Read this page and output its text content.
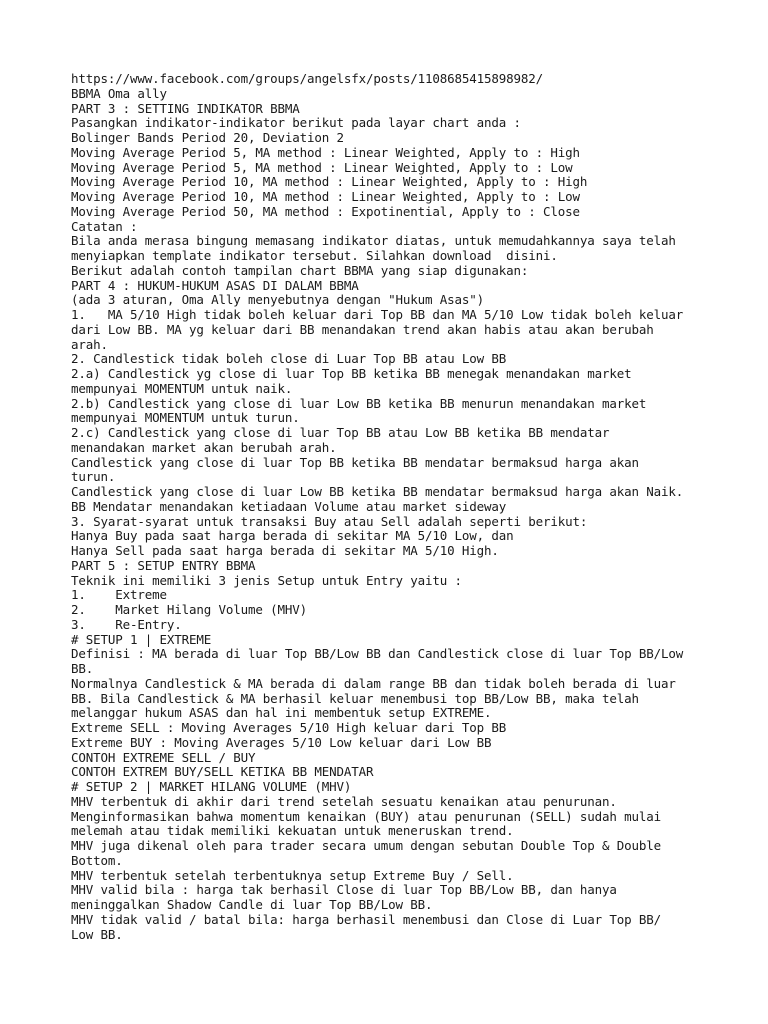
https://www.facebook.com/groups/angelsfx/posts/1108685415898982/
BBMA Oma ally
PART 3 : SETTING INDIKATOR BBMA
Pasangkan indikator-indikator berikut pada layar chart anda :
Bolinger Bands Period 20, Deviation 2
Moving Average Period 5, MA method : Linear Weighted, Apply to : High
Moving Average Period 5, MA method : Linear Weighted, Apply to : Low
Moving Average Period 10, MA method : Linear Weighted, Apply to : High
Moving Average Period 10, MA method : Linear Weighted, Apply to : Low
Moving Average Period 50, MA method : Expotinential, Apply to : Close
Catatan :
Bila anda merasa bingung memasang indikator diatas, untuk memudahkannya saya telah
menyiapkan template indikator tersebut. Silahkan download  disini.
Berikut adalah contoh tampilan chart BBMA yang siap digunakan:
PART 4 : HUKUM-HUKUM ASAS DI DALAM BBMA
(ada 3 aturan, Oma Ally menyebutnya dengan "Hukum Asas")
1.   MA 5/10 High tidak boleh keluar dari Top BB dan MA 5/10 Low tidak boleh keluar
dari Low BB. MA yg keluar dari BB menandakan trend akan habis atau akan berubah
arah.
2. Candlestick tidak boleh close di Luar Top BB atau Low BB
2.a) Candlestick yg close di luar Top BB ketika BB menegak menandakan market
mempunyai MOMENTUM untuk naik.
2.b) Candlestick yang close di luar Low BB ketika BB menurun menandakan market
mempunyai MOMENTUM untuk turun.
2.c) Candlestick yang close di luar Top BB atau Low BB ketika BB mendatar
menandakan market akan berubah arah.
Candlestick yang close di luar Top BB ketika BB mendatar bermaksud harga akan
turun.
Candlestick yang close di luar Low BB ketika BB mendatar bermaksud harga akan Naik.
BB Mendatar menandakan ketiadaan Volume atau market sideway
3. Syarat-syarat untuk transaksi Buy atau Sell adalah seperti berikut:
Hanya Buy pada saat harga berada di sekitar MA 5/10 Low, dan
Hanya Sell pada saat harga berada di sekitar MA 5/10 High.
PART 5 : SETUP ENTRY BBMA
Teknik ini memiliki 3 jenis Setup untuk Entry yaitu :
1.    Extreme
2.    Market Hilang Volume (MHV)
3.    Re-Entry.
# SETUP 1 | EXTREME
Definisi : MA berada di luar Top BB/Low BB dan Candlestick close di luar Top BB/Low
BB.
Normalnya Candlestick & MA berada di dalam range BB dan tidak boleh berada di luar
BB. Bila Candlestick & MA berhasil keluar menembusi top BB/Low BB, maka telah
melanggar hukum ASAS dan hal ini membentuk setup EXTREME.
Extreme SELL : Moving Averages 5/10 High keluar dari Top BB
Extreme BUY : Moving Averages 5/10 Low keluar dari Low BB
CONTOH EXTREME SELL / BUY
CONTOH EXTREM BUY/SELL KETIKA BB MENDATAR
# SETUP 2 | MARKET HILANG VOLUME (MHV)
MHV terbentuk di akhir dari trend setelah sesuatu kenaikan atau penurunan.
Menginformasikan bahwa momentum kenaikan (BUY) atau penurunan (SELL) sudah mulai
melemah atau tidak memiliki kekuatan untuk meneruskan trend.
MHV juga dikenal oleh para trader secara umum dengan sebutan Double Top & Double
Bottom.
MHV terbentuk setelah terbentuknya setup Extreme Buy / Sell.
MHV valid bila : harga tak berhasil Close di luar Top BB/Low BB, dan hanya
meninggalkan Shadow Candle di luar Top BB/Low BB.
MHV tidak valid / batal bila: harga berhasil menembusi dan Close di Luar Top BB/
Low BB.
